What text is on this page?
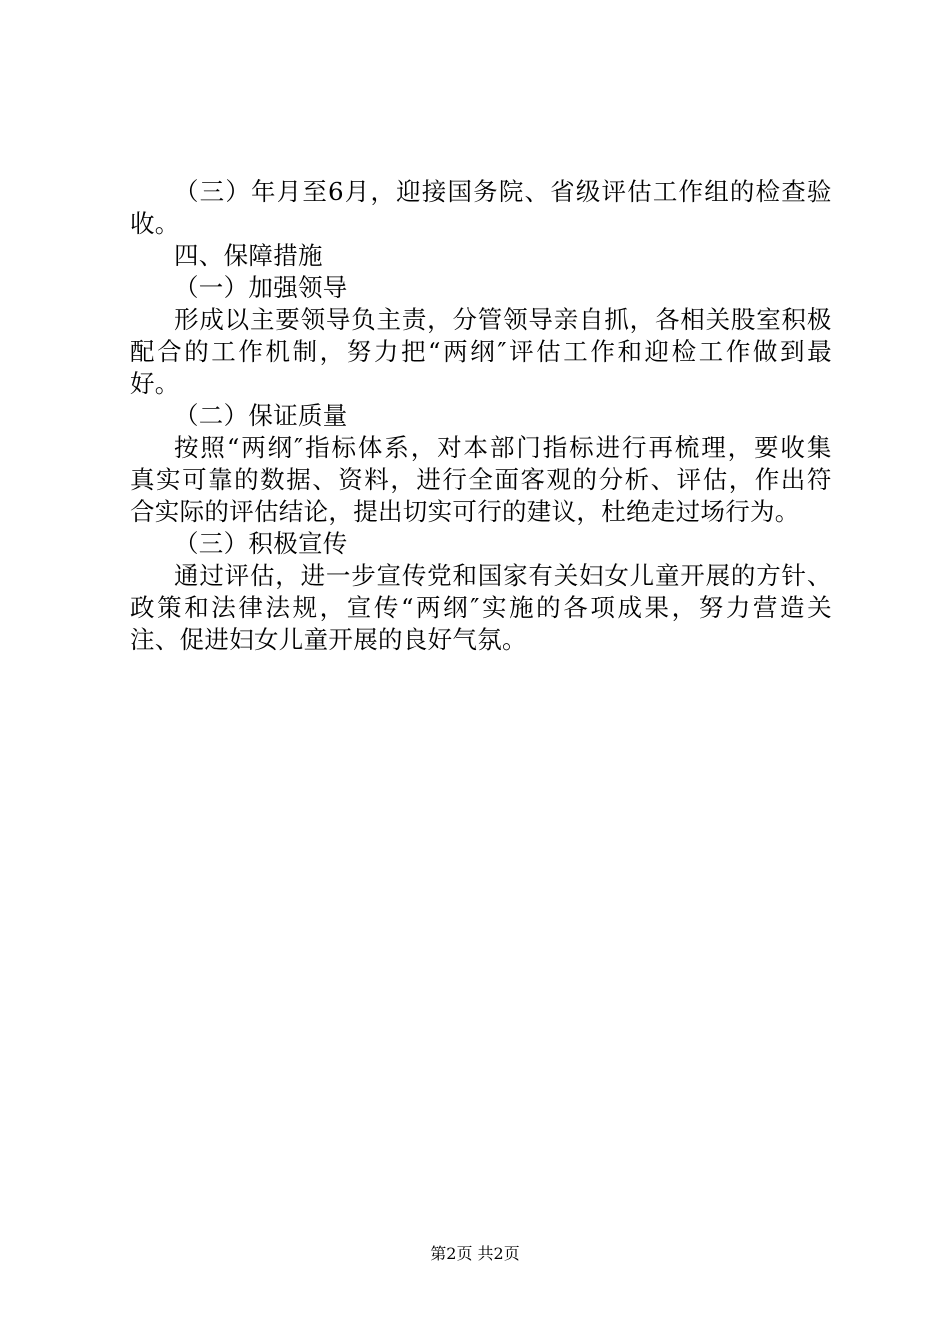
（ 三 ） 年 月 至 6 月 ， 迎 接 国 务 院 、 省 级 评 估 工 作 组 的 检 查 验
收。
四、保障措施
（一）加强领导
形 成 以 主 要 领 导 负 主 责 ， 分 管 领 导 亲 自 抓 ， 各 相 关 股 室 积 极
配 合 的 工 作 机 制 ， 努 力 把 “ 两 纲 ″ 评 估 工 作 和 迎 检 工 作 做 到 最
好。
（二）保证质量
按 照 “ 两 纲 ″ 指 标 体 系 ， 对 本 部 门 指 标 进 行 再 梳 理 ， 要 收 集
真 实 可 靠 的 数 据 、 资 料 ， 进 行 全 面 客 观 的 分 析 、 评 估 ， 作 出 符
合实际的评估结论，提出切实可行的建议，杜绝走过场行为。
（三）积极宣传
通 过 评 估 ， 进 一 步 宣 传 党 和 国 家 有 关 妇 女 儿 童 开 展 的 方 针 、
政 策 和 法 律 法 规 ， 宣 传 “ 两 纲 ″ 实 施 的 各 项 成 果 ， 努 力 营 造 关
注、促进妇女儿童开展的良好气氛。
第2页 共2页
